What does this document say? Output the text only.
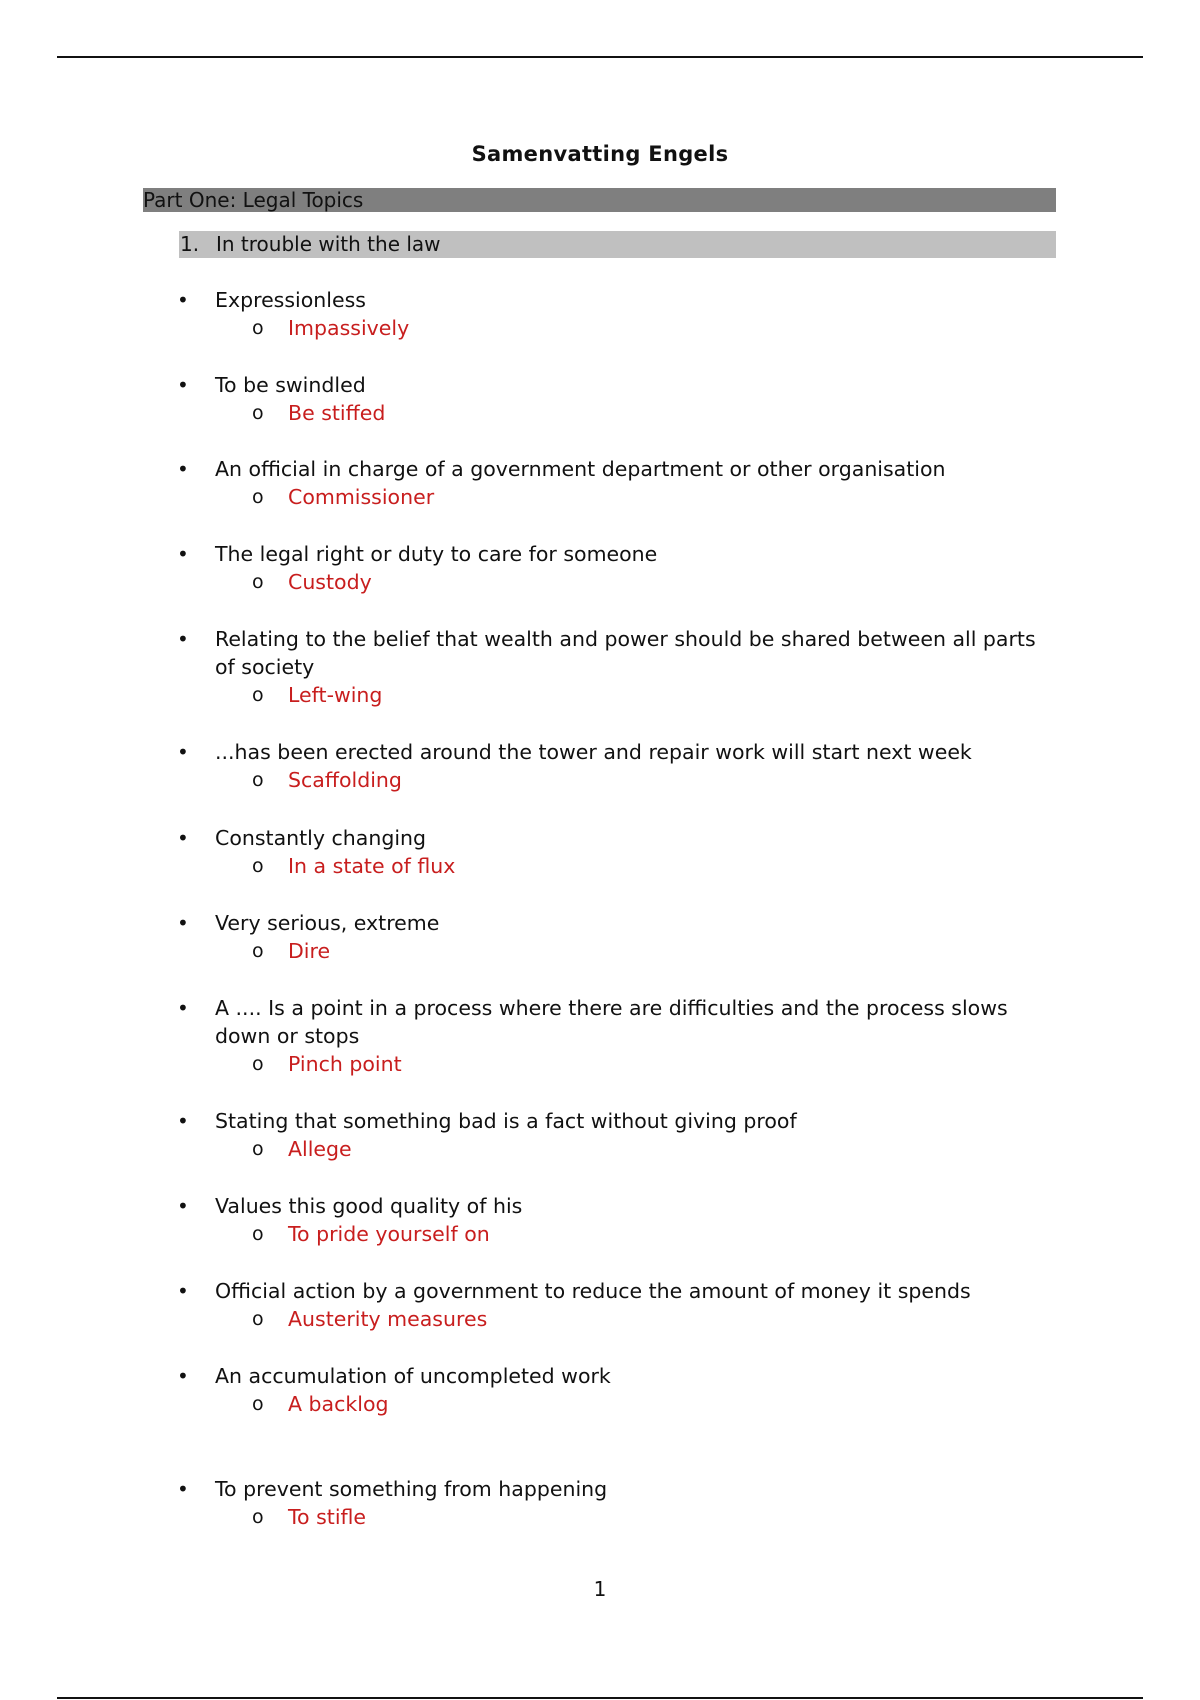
Samenvatting Engels
Part One: Legal Topics
1. In trouble with the law
• Expressionless
o Impassively
• To be swindled
o Be stiffed
• An official in charge of a government department or other organisation
o Commissioner
• The legal right or duty to care for someone
o Custody
• Relating to the belief that wealth and power should be shared between all parts of society
o Left-wing
• ...has been erected around the tower and repair work will start next week
o Scaffolding
• Constantly changing
o In a state of flux
• Very serious, extreme
o Dire
• A .... Is a point in a process where there are difficulties and the process slows down or stops
o Pinch point
• Stating that something bad is a fact without giving proof
o Allege
• Values this good quality of his
o To pride yourself on
• Official action by a government to reduce the amount of money it spends
o Austerity measures
• An accumulation of uncompleted work
o A backlog
• To prevent something from happening
o To stifle
1
